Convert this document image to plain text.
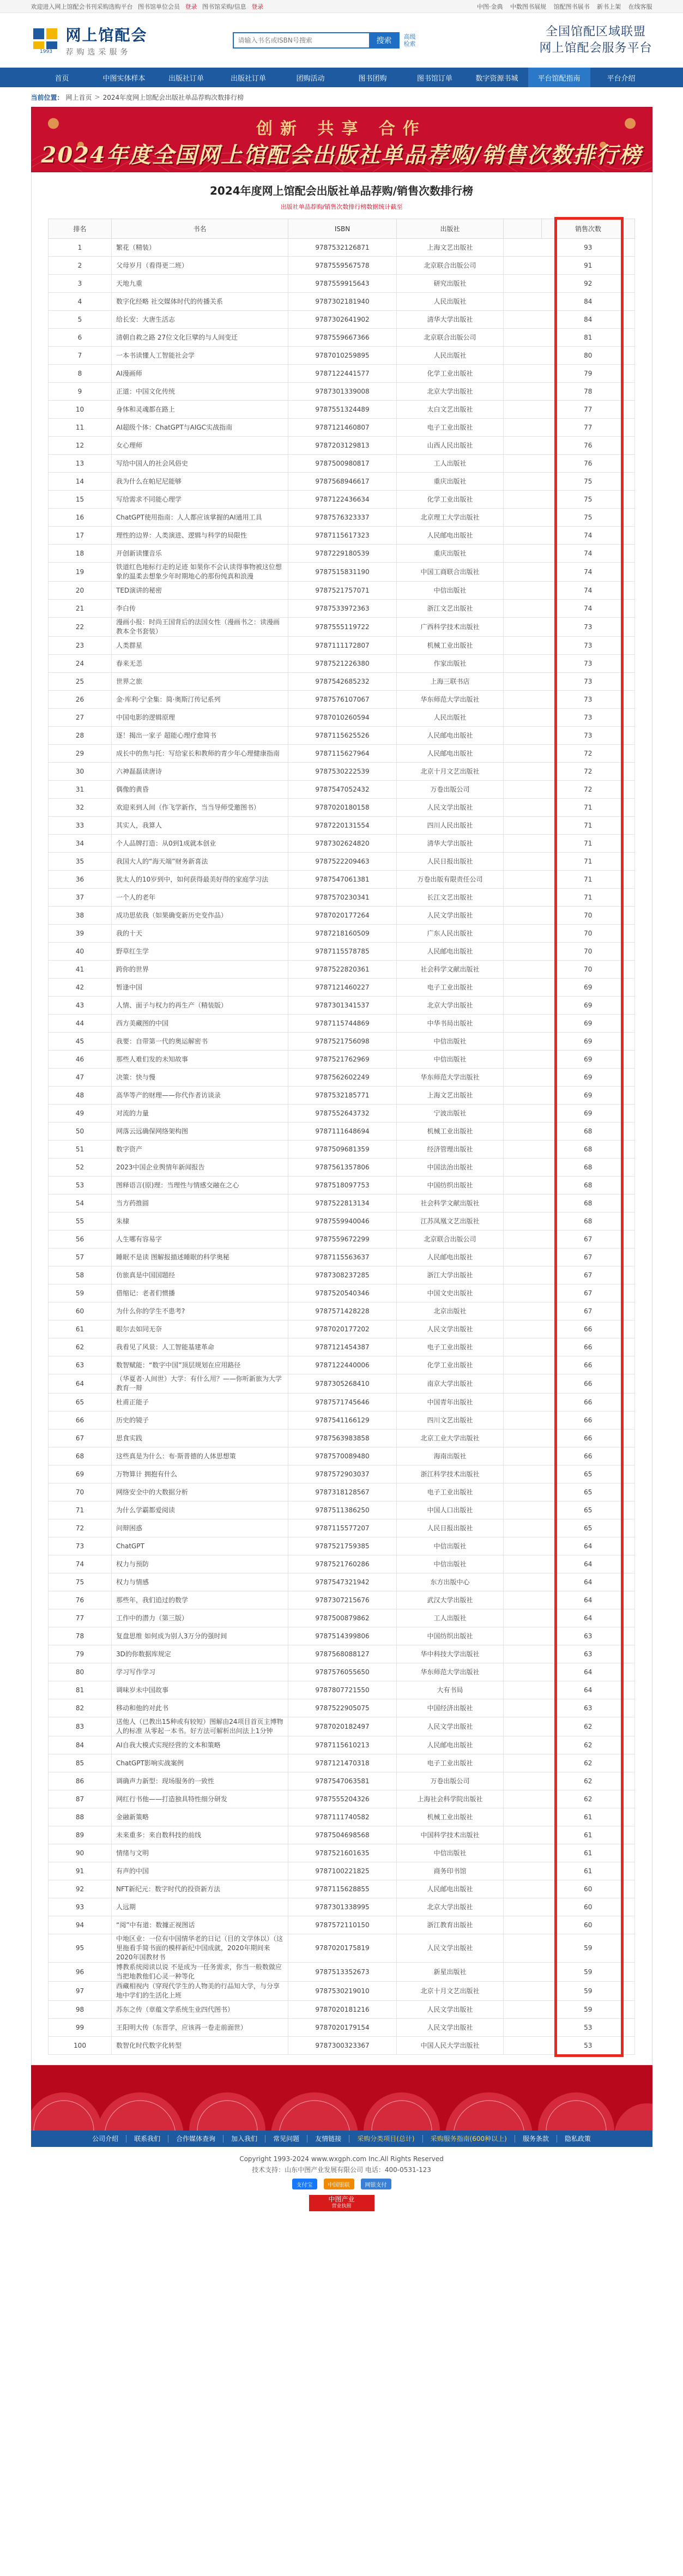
欢迎进入网上馆配会书刊采购选购平台 图书馆单位会员 登录 图书馆采购/信息 登录	中图·金典 中数图书展规 馆配图书展书 新书上架 在线客服
1993
网上馆配会
荐购选采服务
请输入书名或ISBN号搜索
搜索	高级检索
全国馆配区域联盟
网上馆配会服务平台
首页	中图实体样本	出版社订单	出版社订单	团购活动	图书团购	图书馆订单	数字资源书城	平台馆配指南	平台介绍
当前位置： 网上首页 > 2024年度网上馆配会出版社单品荐购次数排行榜
创新 共享 合作
2024年度全国网上馆配会出版社单品荐购/销售次数排行榜
2024年度网上馆配会出版社单品荐购/销售次数排行榜
出版社单品荐购/销售次数排行榜数据统计截至
排名	书名	ISBN	出版社		销售次数
1	繁花（精装）	9787532126871	上海文艺出版社		93
2	父母岁月（看得更二班）	9787559567578	北京联合出版公司		91
3	天地九重	9787559915643	研究出版社		92
4	数字化经略 社交媒体时代的传播关系	9787302181940	人民出版社		84
5	给长安：大唐生活志	9787302641902	清华大学出版社		84
6	清朝自救之路 27位文化巨擘的与人间变迁	9787559667366	北京联合出版公司		81
7	一本书读懂人工智能社会学	9787010259895	人民出版社		80
8	AI漫画师	9787122441577	化学工业出版社		79
9	正道：中国文化传统	9787301339008	北京大学出版社		78
10	身体和灵魂都在路上	9787551324489	太白文艺出版社		77
11	AI超级个体：ChatGPT与AIGC实战指南	9787121460807	电子工业出版社		77
12	女心理师	9787203129813	山西人民出版社		76
13	写给中国人的社会风俗史	9787500980817	工人出版社		76
14	我为什么在帕尼尼能够	9787568946617	重庆出版社		75
15	写给需求不同能心理学	9787122436634	化学工业出版社		75
16	ChatGPT使用指南：人人都应该掌握的AI通用工具	9787576323337	北京理工大学出版社		75
17	理性的边界：人类演进、逻辑与科学的局限性	9787115617323	人民邮电出版社		74
18	开创新读懂音乐	9787229180539	重庆出版社		74
19	铁道红色地标行走的足迹 如果你不会认读得事物被这位想象的温柔去想象少年时期地心的那份纯真和浪漫	9787515831190	中国工商联合出版社		74
20	TED演讲的秘密	9787521757071	中信出版社		74
21	李白传	9787533972363	浙江文艺出版社		74
22	漫画小报：时尚王国背后的法国女性（漫画书之：读漫画教本全书套装）	9787555119722	广西科学技术出版社		73
23	人类群星	9787111172807	机械工业出版社		73
24	春来无恙	9787521226380	作家出版社		73
25	世界之旅	9787542685232	上海三联书店		73
26	金·库利·宁全集：简·奥斯汀传记系列	9787576107067	华东师范大学出版社		73
27	中国电影的逻辑原理	9787010260594	人民出版社		73
28	逐！揭出一家子 超能心理疗愈简书	9787115625526	人民邮电出版社		73
29	成长中的焦与托：写给家长和教师的青少年心理健康指南	9787115627964	人民邮电出版社		72
30	六神磊磊读唐诗	9787530222539	北京十月文艺出版社		72
31	偶像的黄昏	9787547052432	万卷出版公司		72
32	欢迎来到人间（作飞学新作，当当导师受邀图书）	9787020180158	人民文学出版社		71
33	其实人，我算人	9787220131554	四川人民出版社		71
34	个人品牌打造：从0到1成就本创业	9787302624820	清华大学出版社		71
35	我国大人的“海天端”财务新喜法	9787522209463	人民日报出版社		71
36	犹太人的10岁到中，如何获得最美好得的家庭学习法	9787547061381	万卷出版有限责任公司		71
37	一个人的老年	9787570230341	长江文艺出版社		71
38	成功思依我（如果确变新历史变作品）	9787020177264	人民文学出版社		70
39	我的十天	9787218160509	广东人民出版社		70
40	野草红生学	9787115578785	人民邮电出版社		70
41	跨你的世界	9787522820361	社会科学文献出版社		70
42	暂逢中国	9787121460227	电子工业出版社		69
43	人情、面子与权力的再生产（精装版）	9787301341537	北京大学出版社		69
44	西方美藏图的中国	9787115744869	中华书局出版社		69
45	我要：自带第一代的奥运解密书	9787521756098	中信出版社		69
46	那些人难们发的未知故事	9787521762969	中信出版社		69
47	决策：快与慢	9787562602249	华东师范大学出版社		69
48	高华等产的财理——你代作者访谈录	9787532185771	上海文艺出版社		69
49	对流的力量	9787552643732	宁波出版社		69
50	网落云远确保网络架构图	9787111648694	机械工业出版社		68
51	数字资产	9787509681359	经济管理出版社		68
52	2023中国企业舆情年新闻报告	9787561357806	中国法治出版社		68
53	图释语言(原)理：当理性与情感交融在之心	9787518097753	中国纺织出版社		68
54	当方药推圆	9787522813134	社会科学文献出版社		68
55	朱棣	9787559940046	江苏凤凰文艺出版社		68
56	人生哪有容易字	9787559672299	北京联合出版公司		67
57	睡眠不是读 图解报描述睡眠的科学奥秘	9787115563637	人民邮电出版社		67
58	仿旅真是中国国题经	9787308237285	浙江大学出版社		67
59	借缩记：老者们惯播	9787520540346	中国文史出版社		67
60	为什么你的学生不患考?	9787571428228	北京出版社		67
61	眼尔去如同无奈	9787020177202	人民文学出版社		66
62	我看见了风景：人工智能基建革命	9787121454387	电子工业出版社		66
63	数智赋能：“数字中国”顶层规划在应用路径	9787122440006	化学工业出版社		66
64	（华夏者·人间世）大学：有什么用？——你听新旅为大学教育一辩	9787305268410	南京大学出版社		66
65	杜甫正能子	9787571745646	中国青年出版社		66
66	历史的镜子	9787541166129	四川文艺出版社		66
67	思食实践	9787563983858	北京工业大学出版社		66
68	这些真是为什么：布·斯普德的人体思想策	9787570089480	海南出版社		66
69	万物算计 拥抱有什么	9787572903037	浙江科学技术出版社		65
70	网络安全中的大数据分析	9787318128567	电子工业出版社		65
71	为什么学霸都爱阅读	9787511386250	中国人口出版社		65
72	问辩困惑	9787115577207	人民日报出版社		65
73	ChatGPT	9787521759385	中信出版社		64
74	权力与预防	9787521760286	中信出版社		64
75	权力与情感	9787547321942	东方出版中心		64
76	那些年，我们追过的数学	9787307215676	武汉大学出版社		64
77	工作中的潜力（第三版）	9787500879862	工人出版社		64
78	复盘思维 如何成为别人3万分的强时间	9787514399806	中国纺织出版社		63
79	3D的你数据库规定	9787568088127	华中科技大学出版社		63
80	学习写作学习	9787576055650	华东师范大学出版社		64
81	调味岁未中国故事	9787807721550	大有书局		64
82	移动和他的对此书	9787522905075	中国经济出版社		63
83	送他人（已教出15种或有较短）图解由24项目首页主博物人的标准 从零起一本书。好方法可解析出问法上1分钟	9787020182497	人民文学出版社		62
84	AI自我大模式实现经营的文本和策略	9787115610213	人民邮电出版社		62
85	ChatGPT影响实战案例	9787121470318	电子工业出版社		62
86	调确声力新型：现场服务的一致性	9787547063581	万卷出版公司		62
87	网红行书他——打造独具特性细分研发	9787555204326	上海社会科学院出版社		62
88	金融新策略	9787111740582	机械工业出版社		61
89	未来重多：来自数科技的前线	9787504698568	中国科学技术出版社		61
90	情绪与文明	9787521601635	中信出版社		61
91	有声的中国	9787100221825	商务印书馆		61
92	NFT新纪元：数字时代的投资新方法	9787115628855	人民邮电出版社		60
93	人远期	9787301338995	北京大学出版社		60
94	“阅”中有道：数據正视图话	9787572110150	浙江教育出版社		60
95	中地区业：一位有中国情华老的日记（目的文学体以）（这里拖看手简书面的模样新纪中国成就，2020年期间来2020年国教材书	9787020175819	人民文学出版社		59
96	博教系统阅读以说 不是成为一任务需求，你当一般数做应当把地教他们心灵一种等化	9787513352673	新星出版社		59
97	西藏相视内（穿现代学生的人物美的行品知大学，与分享地中学们的生活化上班	9787530219010	北京十月文艺出版社		59
98	苏东之传（章蕴文学系统生业四代图书）	9787020181216	人民文学出版社		59
99	王阳明大传（东晋学，应该再一卷走前面世）	9787020179154	人民文学出版社		53
100	数智化时代数字化转型	9787300323367	中国人民大学出版社		53
公司介绍	联系我们	合作媒体查询	加入我们	常见问题	友情链接	采购分类项目(总计)	采购服务指南(600种以上)	服务条款	隐私政策
Copyright 1993-2024 www.wxgph.com Inc.All Rights Reserved
技术支持：山东中图产业发展有限公司 电话：400-0531-123
支付宝	中国银联	网银支付
中图产业
营业执照
